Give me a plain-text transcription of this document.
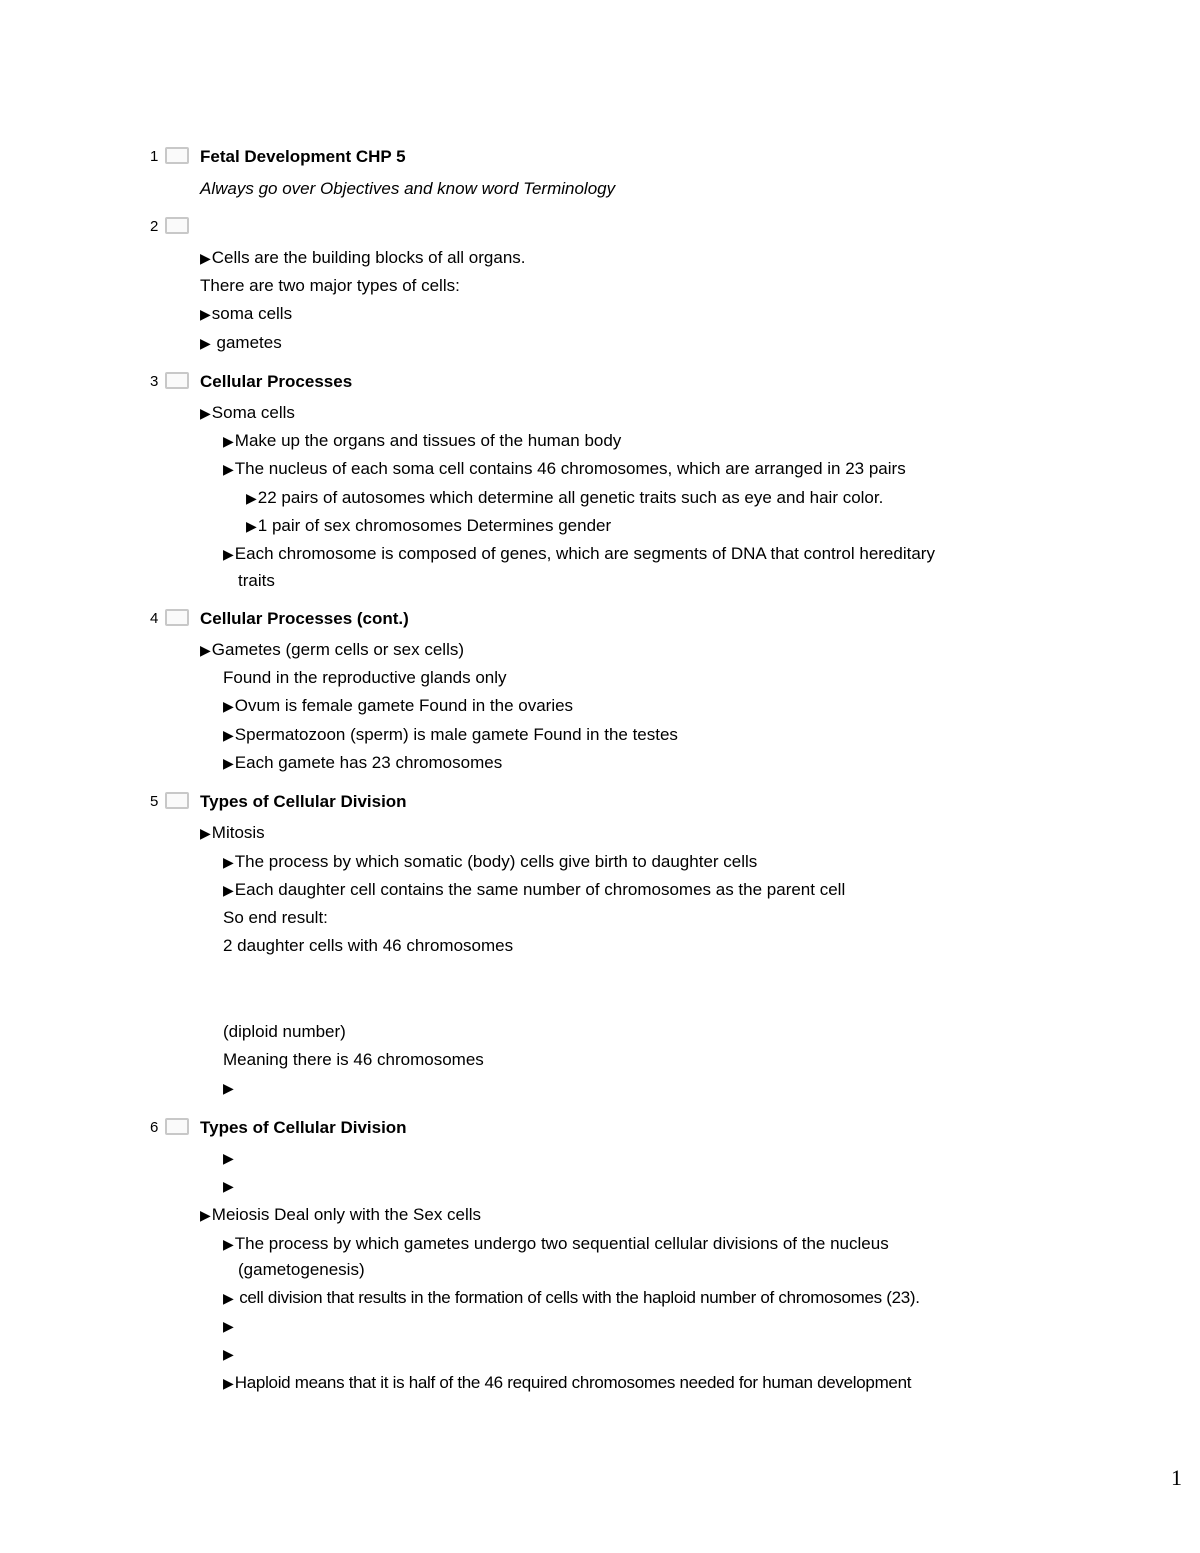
1 Fetal Development CHP 5
Always go over Objectives and know word Terminology
2
▶Cells are the building blocks of all organs.
There are two major types of cells:
▶soma cells
▶ gametes
3 Cellular Processes
▶Soma cells
▶Make up the organs and tissues of the human body
▶The nucleus of each soma cell contains 46 chromosomes, which are arranged in 23 pairs
▶22 pairs of autosomes which determine all genetic traits such as eye and hair color.
▶1 pair of sex chromosomes Determines gender
▶Each chromosome is composed of genes, which are segments of DNA that control hereditary
traits
4 Cellular Processes (cont.)
▶Gametes (germ cells or sex cells)
Found in the reproductive glands only
▶Ovum is female gamete Found in the ovaries
▶Spermatozoon (sperm) is male gamete Found in the testes
▶Each gamete has 23 chromosomes
5 Types of Cellular Division
▶Mitosis
▶The process by which somatic (body) cells give birth to daughter cells
▶Each daughter cell contains the same number of chromosomes as the parent cell
So end result:
2 daughter cells with 46 chromosomes
(diploid number)
Meaning there is 46 chromosomes
▶
6 Types of Cellular Division
▶
▶
▶Meiosis Deal only with the Sex cells
▶The process by which gametes undergo two sequential cellular divisions of the nucleus
(gametogenesis)
▶ cell division that results in the formation of cells with the haploid number of chromosomes (23).
▶
▶
▶Haploid means that it is half of the 46 required chromosomes needed for human development
1
